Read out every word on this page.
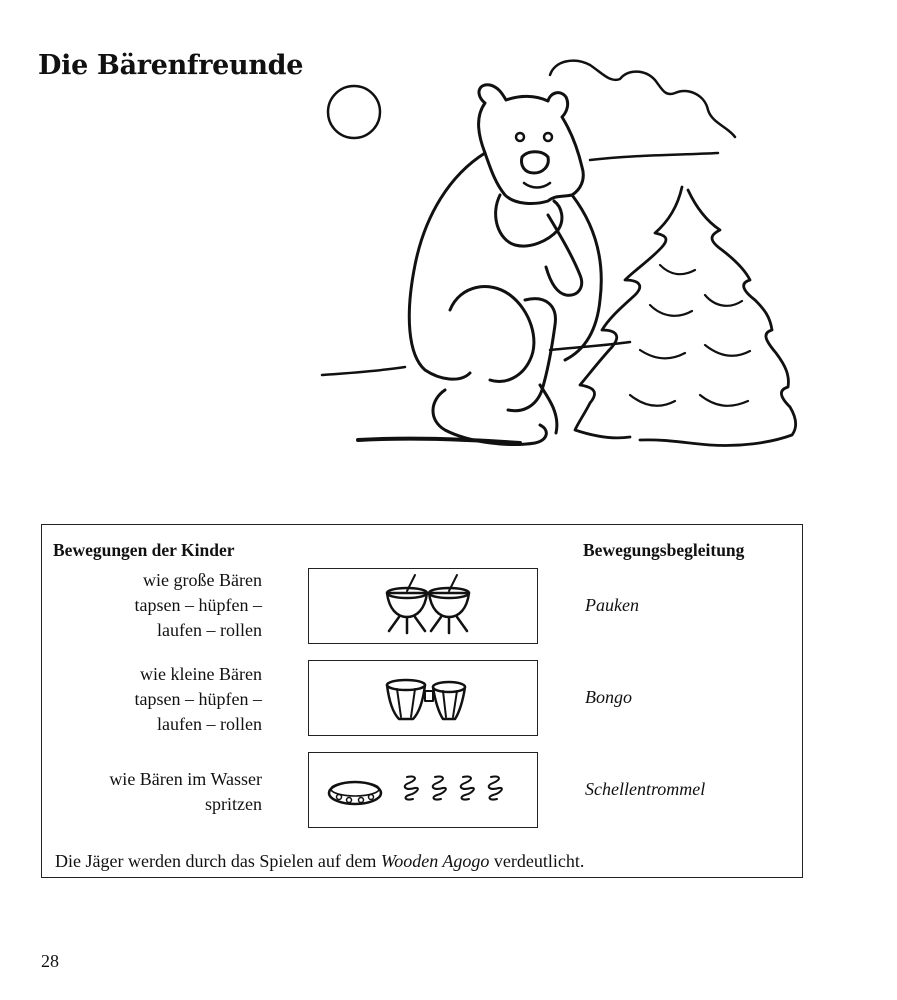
Die Bärenfreunde
Bewegungen der Kinder	Bewegungsbegleitung
wie große Bären
tapsen – hüpfen –
laufen – rollen
Pauken
wie kleine Bären
tapsen – hüpfen –
laufen – rollen
Bongo
wie Bären im Wasser
spritzen
Schellentrommel
Die Jäger werden durch das Spielen auf dem Wooden Agogo verdeutlicht.
28
